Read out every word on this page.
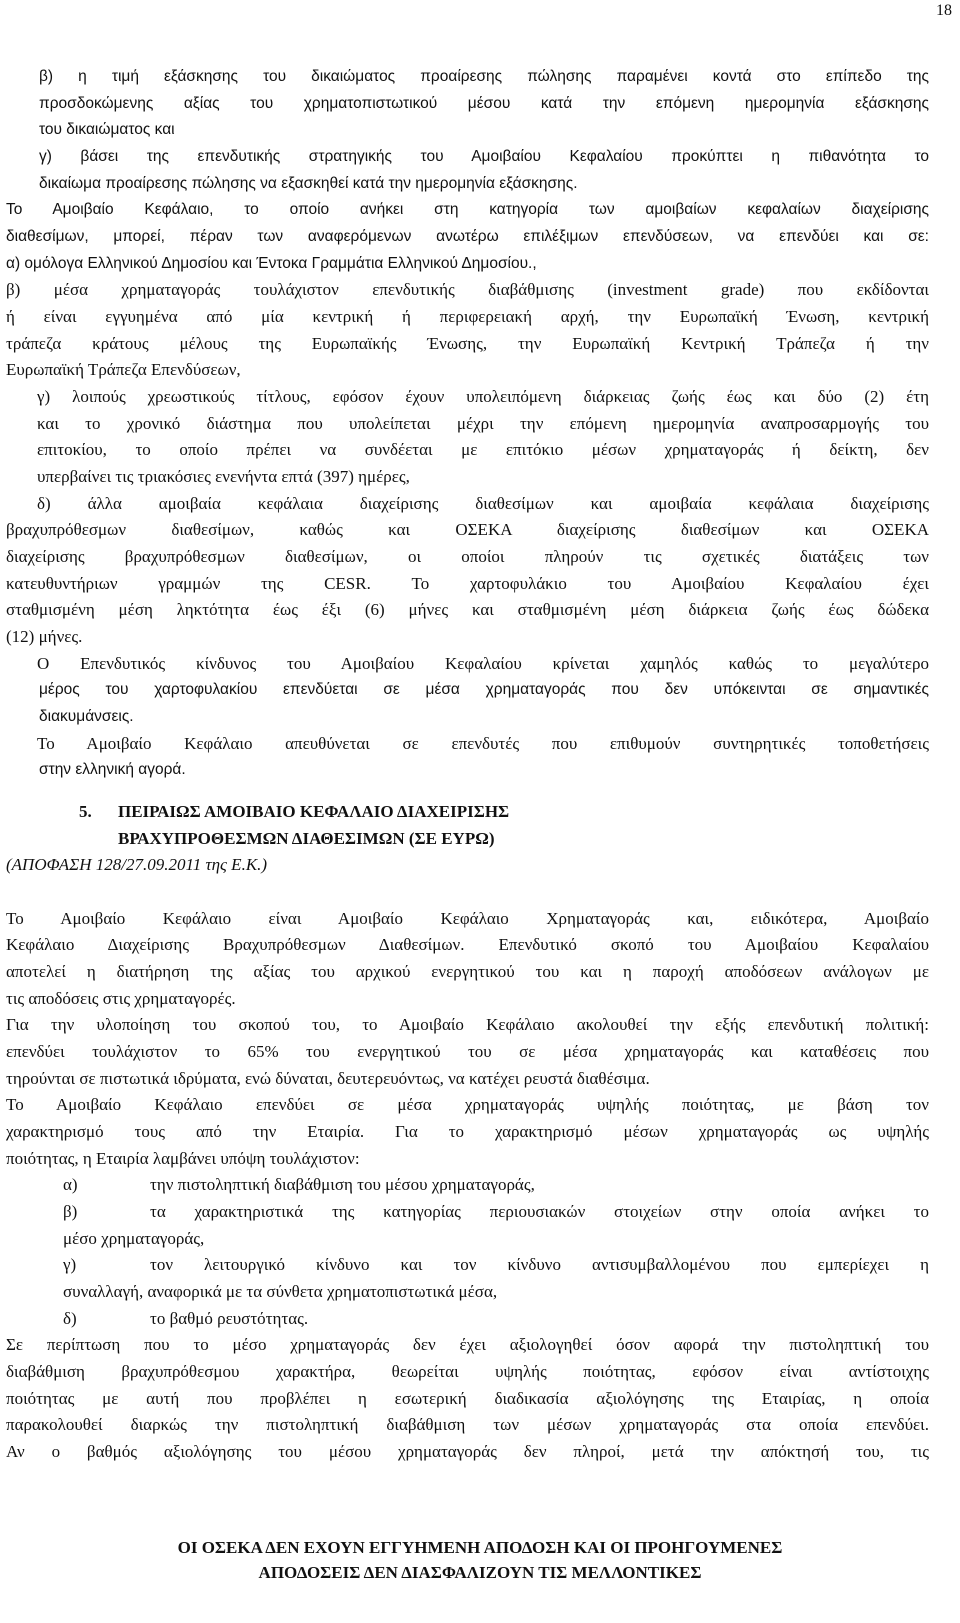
18
β) η τιμή εξάσκησης του δικαιώματος προαίρεσης πώλησης παραμένει κοντά στο επίπεδο της
προσδοκώμενης αξίας του χρηματοπιστωτικού μέσου κατά την επόμενη ημερομηνία εξάσκησης
του δικαιώματος και
γ) βάσει της επενδυτικής στρατηγικής του Αμοιβαίου Κεφαλαίου προκύπτει η πιθανότητα το
δικαίωμα προαίρεσης πώλησης να εξασκηθεί κατά την ημερομηνία εξάσκησης.
Το Αμοιβαίο Κεφάλαιο, το οποίο ανήκει στη κατηγορία των αμοιβαίων κεφαλαίων διαχείρισης
διαθεσίμων, μπορεί, πέραν των αναφερόμενων ανωτέρω επιλέξιμων επενδύσεων, να επενδύει και σε:
α) ομόλογα Ελληνικού Δημοσίου και Έντοκα Γραμμάτια Ελληνικού Δημοσίου.,
β) μέσα χρηματαγοράς τουλάχιστον επενδυτικής διαβάθμισης (investment grade) που εκδίδονται
ή είναι εγγυημένα από μία κεντρική ή περιφερειακή αρχή, την Ευρωπαϊκή Ένωση, κεντρική
τράπεζα κράτους μέλους της Ευρωπαϊκής Ένωσης, την Ευρωπαϊκή Κεντρική Τράπεζα ή την
Ευρωπαϊκή Τράπεζα Επενδύσεων,
γ) λοιπούς χρεωστικούς τίτλους, εφόσον έχουν υπολειπόμενη διάρκειας ζωής έως και δύο (2) έτη
και το χρονικό διάστημα που υπολείπεται μέχρι την επόμενη ημερομηνία αναπροσαρμογής του
επιτοκίου, το οποίο πρέπει να συνδέεται με επιτόκιο μέσων χρηματαγοράς ή δείκτη, δεν
υπερβαίνει τις τριακόσιες ενενήντα επτά (397) ημέρες,
δ) άλλα αμοιβαία κεφάλαια διαχείρισης διαθεσίμων και αμοιβαία κεφάλαια διαχείρισης
βραχυπρόθεσμων διαθεσίμων, καθώς και ΟΣΕΚΑ διαχείρισης διαθεσίμων και ΟΣΕΚΑ
διαχείρισης βραχυπρόθεσμων διαθεσίμων, οι οποίοι πληρούν τις σχετικές διατάξεις των
κατευθυντήριων γραμμών της CESR. Το χαρτοφυλάκιο του Αμοιβαίου Κεφαλαίου έχει
σταθμισμένη μέση ληκτότητα έως έξι (6) μήνες και σταθμισμένη μέση διάρκεια ζωής έως δώδεκα
(12) μήνες.
Ο Επενδυτικός κίνδυνος του Αμοιβαίου Κεφαλαίου κρίνεται χαμηλός καθώς το μεγαλύτερο
μέρος του χαρτοφυλακίου επενδύεται σε μέσα χρηματαγοράς που δεν υπόκεινται σε σημαντικές
διακυμάνσεις.
Το Αμοιβαίο Κεφάλαιο απευθύνεται σε επενδυτές που επιθυμούν συντηρητικές τοποθετήσεις
στην ελληνική αγορά.
5.	ΠΕΙΡΑΙΩΣ ΑΜΟΙΒΑΙΟ ΚΕΦΑΛΑΙΟ ΔΙΑΧΕΙΡΙΣΗΣ
ΒΡΑΧΥΠΡΟΘΕΣΜΩΝ ΔΙΑΘΕΣΙΜΩΝ (ΣΕ ΕΥΡΩ)
(ΑΠΟΦΑΣΗ 128/27.09.2011 της Ε.Κ.)
Το Αμοιβαίο Κεφάλαιο είναι Αμοιβαίο Κεφάλαιο Χρηματαγοράς και, ειδικότερα, Αμοιβαίο
Κεφάλαιο Διαχείρισης Βραχυπρόθεσμων Διαθεσίμων. Επενδυτικό σκοπό του Αμοιβαίου Κεφαλαίου
αποτελεί η διατήρηση της αξίας του αρχικού ενεργητικού του και η παροχή αποδόσεων ανάλογων με
τις αποδόσεις στις χρηματαγορές.
Για την υλοποίηση του σκοπού του, το Αμοιβαίο Κεφάλαιο ακολουθεί την εξής επενδυτική πολιτική:
επενδύει τουλάχιστον το 65% του ενεργητικού του σε μέσα χρηματαγοράς και καταθέσεις που
τηρούνται σε πιστωτικά ιδρύματα, ενώ δύναται, δευτερευόντως, να κατέχει ρευστά διαθέσιμα.
Το Αμοιβαίο Κεφάλαιο επενδύει σε μέσα χρηματαγοράς υψηλής ποιότητας, με βάση τον
χαρακτηρισμό τους από την Εταιρία. Για το χαρακτηρισμό μέσων χρηματαγοράς ως υψηλής
ποιότητας, η Εταιρία λαμβάνει υπόψη τουλάχιστον:
α)	την πιστοληπτική διαβάθμιση του μέσου χρηματαγοράς,
β)	τα χαρακτηριστικά της κατηγορίας περιουσιακών στοιχείων στην οποία ανήκει το
μέσο χρηματαγοράς,
γ)	τον λειτουργικό κίνδυνο και τον κίνδυνο αντισυμβαλλομένου που εμπερίεχει η
συναλλαγή, αναφορικά με τα σύνθετα χρηματοπιστωτικά μέσα,
δ)	το βαθμό ρευστότητας.
Σε περίπτωση που το μέσο χρηματαγοράς δεν έχει αξιολογηθεί όσον αφορά την πιστοληπτική του
διαβάθμιση βραχυπρόθεσμου χαρακτήρα, θεωρείται υψηλής ποιότητας, εφόσον είναι αντίστοιχης
ποιότητας με αυτή που προβλέπει η εσωτερική διαδικασία αξιολόγησης της Εταιρίας, η οποία
παρακολουθεί διαρκώς την πιστοληπτική διαβάθμιση των μέσων χρηματαγοράς στα οποία επενδύει.
Αν ο βαθμός αξιολόγησης του μέσου χρηματαγοράς δεν πληροί, μετά την απόκτησή του, τις
ΟΙ ΟΣΕΚΑ ΔΕΝ ΕΧΟΥΝ ΕΓΓΥΗΜΕΝΗ ΑΠΟΔΟΣΗ ΚΑΙ ΟΙ ΠΡΟΗΓΟΥΜΕΝΕΣ
ΑΠΟΔΟΣΕΙΣ ΔΕΝ ΔΙΑΣΦΑΛΙΖΟΥΝ ΤΙΣ ΜΕΛΛΟΝΤΙΚΕΣ
